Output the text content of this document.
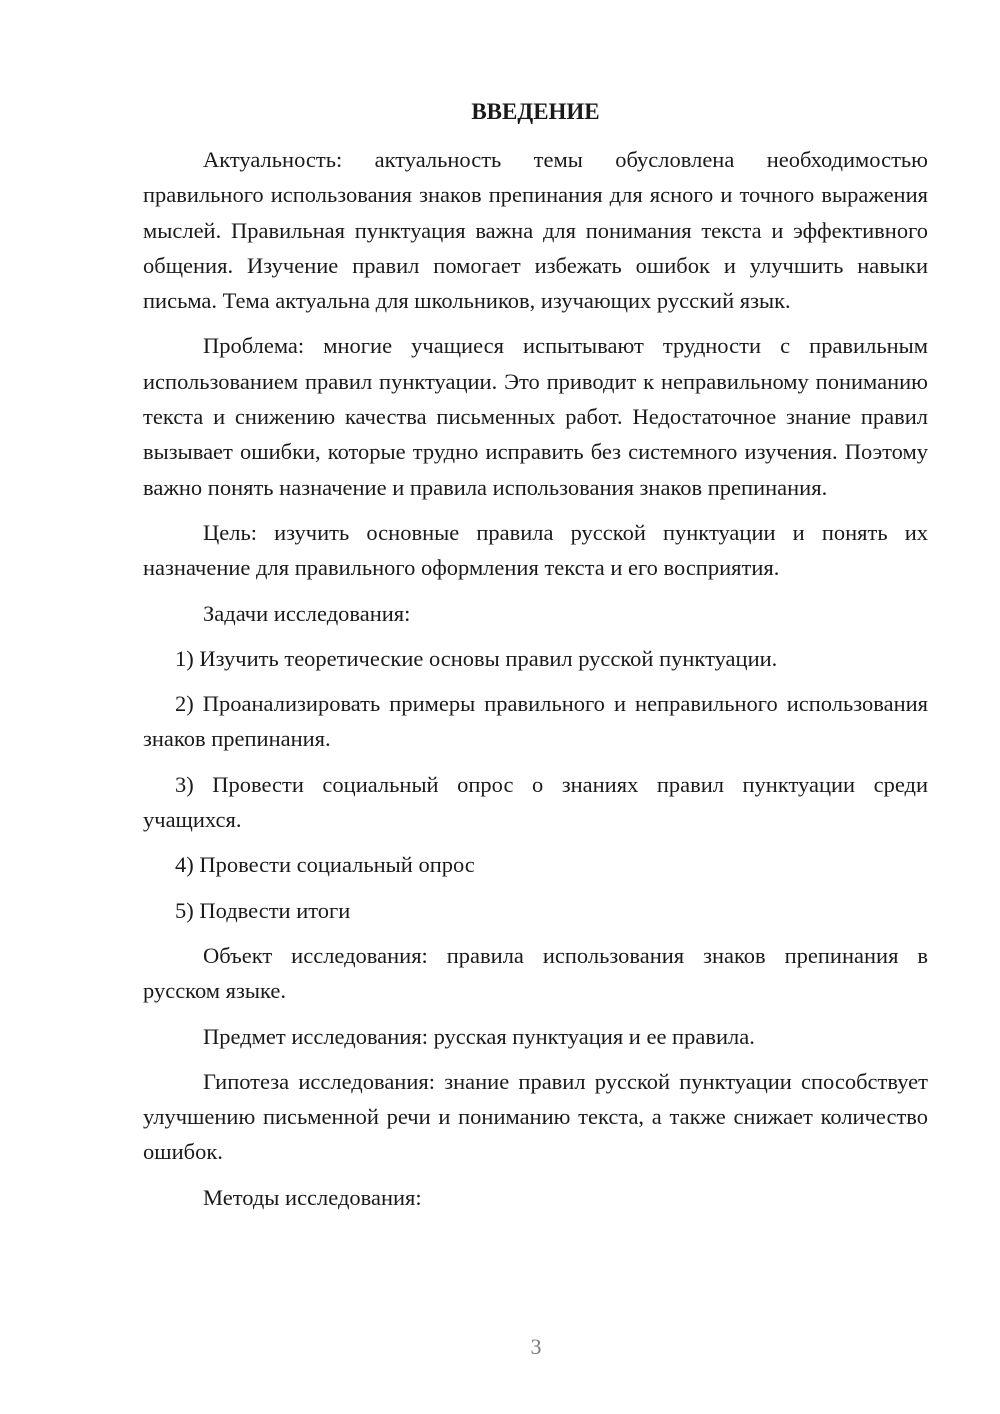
ВВЕДЕНИЕ

Актуальность: актуальность темы обусловлена необходимостью правильного использования знаков препинания для ясного и точного выражения мыслей. Правильная пунктуация важна для понимания текста и эффективного общения. Изучение правил помогает избежать ошибок и улучшить навыки письма. Тема актуальна для школьников, изучающих русский язык.

Проблема: многие учащиеся испытывают трудности с правильным использованием правил пунктуации. Это приводит к неправильному пониманию текста и снижению качества письменных работ. Недостаточное знание правил вызывает ошибки, которые трудно исправить без системного изучения. Поэтому важно понять назначение и правила использования знаков препинания.

Цель: изучить основные правила русской пунктуации и понять их назначение для правильного оформления текста и его восприятия.

Задачи исследования:

1) Изучить теоретические основы правил русской пунктуации.

2) Проанализировать примеры правильного и неправильного использования знаков препинания.

3) Провести социальный опрос о знаниях правил пунктуации среди учащихся.

4) Провести социальный опрос

5) Подвести итоги

Объект исследования: правила использования знаков препинания в русском языке.

Предмет исследования: русская пунктуация и ее правила.

Гипотеза исследования: знание правил русской пунктуации способствует улучшению письменной речи и пониманию текста, а также снижает количество ошибок.

Методы исследования:

3
